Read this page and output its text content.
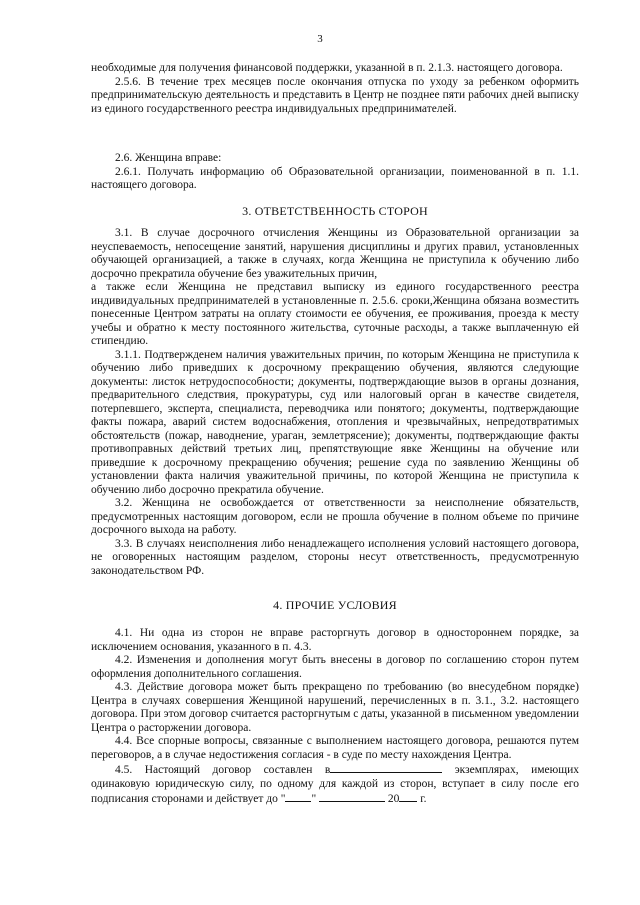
3

необходимые для получения финансовой поддержки, указанной в п. 2.1.3. настоящего договора.

2.5.6. В течение трех месяцев после окончания отпуска по уходу за ребенком оформить предпринимательскую деятельность и представить в Центр не позднее пяти рабочих дней выписку из единого государственного реестра индивидуальных предпринимателей.

2.6. Женщина вправе:

2.6.1. Получать информацию об Образовательной организации, поименованной в п. 1.1. настоящего договора.

3. ОТВЕТСТВЕННОСТЬ СТОРОН

3.1. В случае досрочного отчисления Женщины из Образовательной организации за неуспеваемость, непосещение занятий, нарушения дисциплины и других правил, установленных обучающей организацией, а также в случаях, когда Женщина не приступила к обучению либо досрочно прекратила обучение без уважительных причин,

а также если Женщина не представил выписку из единого государственного реестра индивидуальных предпринимателей в установленные п. 2.5.6. сроки,Женщина обязана возместить понесенные Центром затраты на оплату стоимости ее обучения, ее проживания, проезда к месту учебы и обратно к месту постоянного жительства, суточные расходы, а также выплаченную ей стипендию.

3.1.1. Подтвержденем наличия уважительных причин, по которым Женщина не приступила к обучению либо приведших к досрочному прекращению обучения, являются следующие документы: листок нетрудоспособности; документы, подтверждающие вызов в органы дознания, предварительного следствия, прокуратуры, суд или налоговый орган в качестве свидетеля, потерпевшего, эксперта, специалиста, переводчика или понятого; документы, подтверждающие факты пожара, аварий систем водоснабжения, отопления и чрезвычайных, непредотвратимых обстоятельств (пожар, наводнение, ураган, землетрясение); документы, подтверждающие факты противоправных действий третьих лиц, препятствующие явке Женщины на обучение или приведшие к досрочному прекращению обучения; решение суда по заявлению Женщины об установлении факта наличия уважительной причины, по которой Женщина не приступила к обучению либо досрочно прекратила обучение.

3.2. Женщина не освобождается от ответственности за неисполнение обязательств, предусмотренных настоящим договором, если не прошла обучение в полном объеме по причине досрочного выхода на работу.

3.3. В случаях неисполнения либо ненадлежащего исполнения условий настоящего договора, не оговоренных настоящим разделом, стороны несут ответственность, предусмотренную законодательством РФ.

4. ПРОЧИЕ УСЛОВИЯ

4.1. Ни одна из сторон не вправе расторгнуть договор в одностороннем порядке, за исключением основания, указанного в п. 4.3.

4.2. Изменения и дополнения могут быть внесены в договор по соглашению сторон путем оформления дополнительного соглашения.

4.3. Действие договора может быть прекращено по требованию (во внесудебном порядке) Центра в случаях совершения Женщиной нарушений, перечисленных в п. 3.1., 3.2. настоящего договора. При этом договор считается расторгнутым с даты, указанной в письменном уведомлении Центра о расторжении договора.

4.4. Все спорные вопросы, связанные с выполнением настоящего договора, решаются путем переговоров, а в случае недостижения согласия - в суде по месту нахождения Центра.

4.5. Настоящий договор составлен в	экземплярах, имеющих одинаковую юридическую силу, по одному для каждой из сторон, вступает в силу после его подписания сторонами и действует до " "	20 г.
